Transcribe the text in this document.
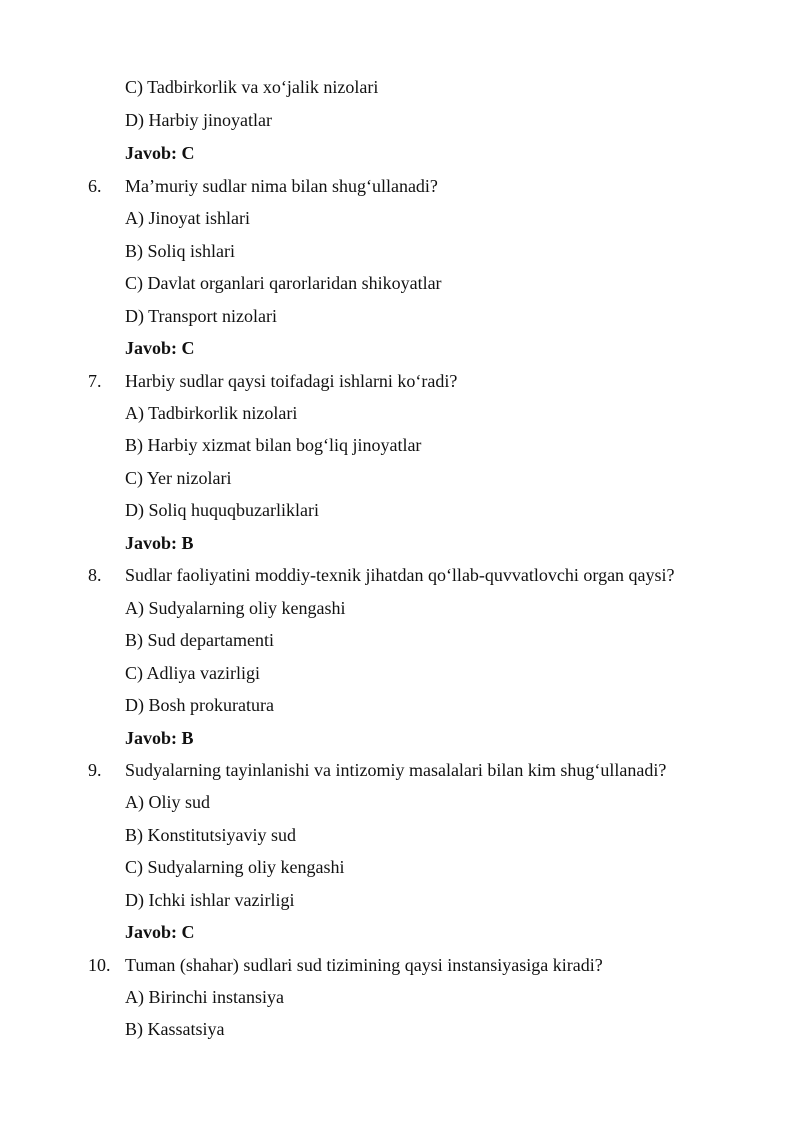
C) Tadbirkorlik va xo‘jalik nizolari
D) Harbiy jinoyatlar
Javob: C
6. Ma’muriy sudlar nima bilan shug‘ullanadi?
A) Jinoyat ishlari
B) Soliq ishlari
C) Davlat organlari qarorlaridan shikoyatlar
D) Transport nizolari
Javob: C
7. Harbiy sudlar qaysi toifadagi ishlarni ko‘radi?
A) Tadbirkorlik nizolari
B) Harbiy xizmat bilan bog‘liq jinoyatlar
C) Yer nizolari
D) Soliq huquqbuzarliklari
Javob: B
8. Sudlar faoliyatini moddiy-texnik jihatdan qo‘llab-quvvatlovchi organ qaysi?
A) Sudyalarning oliy kengashi
B) Sud departamenti
C) Adliya vazirligi
D) Bosh prokuratura
Javob: B
9. Sudyalarning tayinlanishi va intizomiy masalalari bilan kim shug‘ullanadi?
A) Oliy sud
B) Konstitutsiyaviy sud
C) Sudyalarning oliy kengashi
D) Ichki ishlar vazirligi
Javob: C
10. Tuman (shahar) sudlari sud tizimining qaysi instansiyasiga kiradi?
A) Birinchi instansiya
B) Kassatsiya
